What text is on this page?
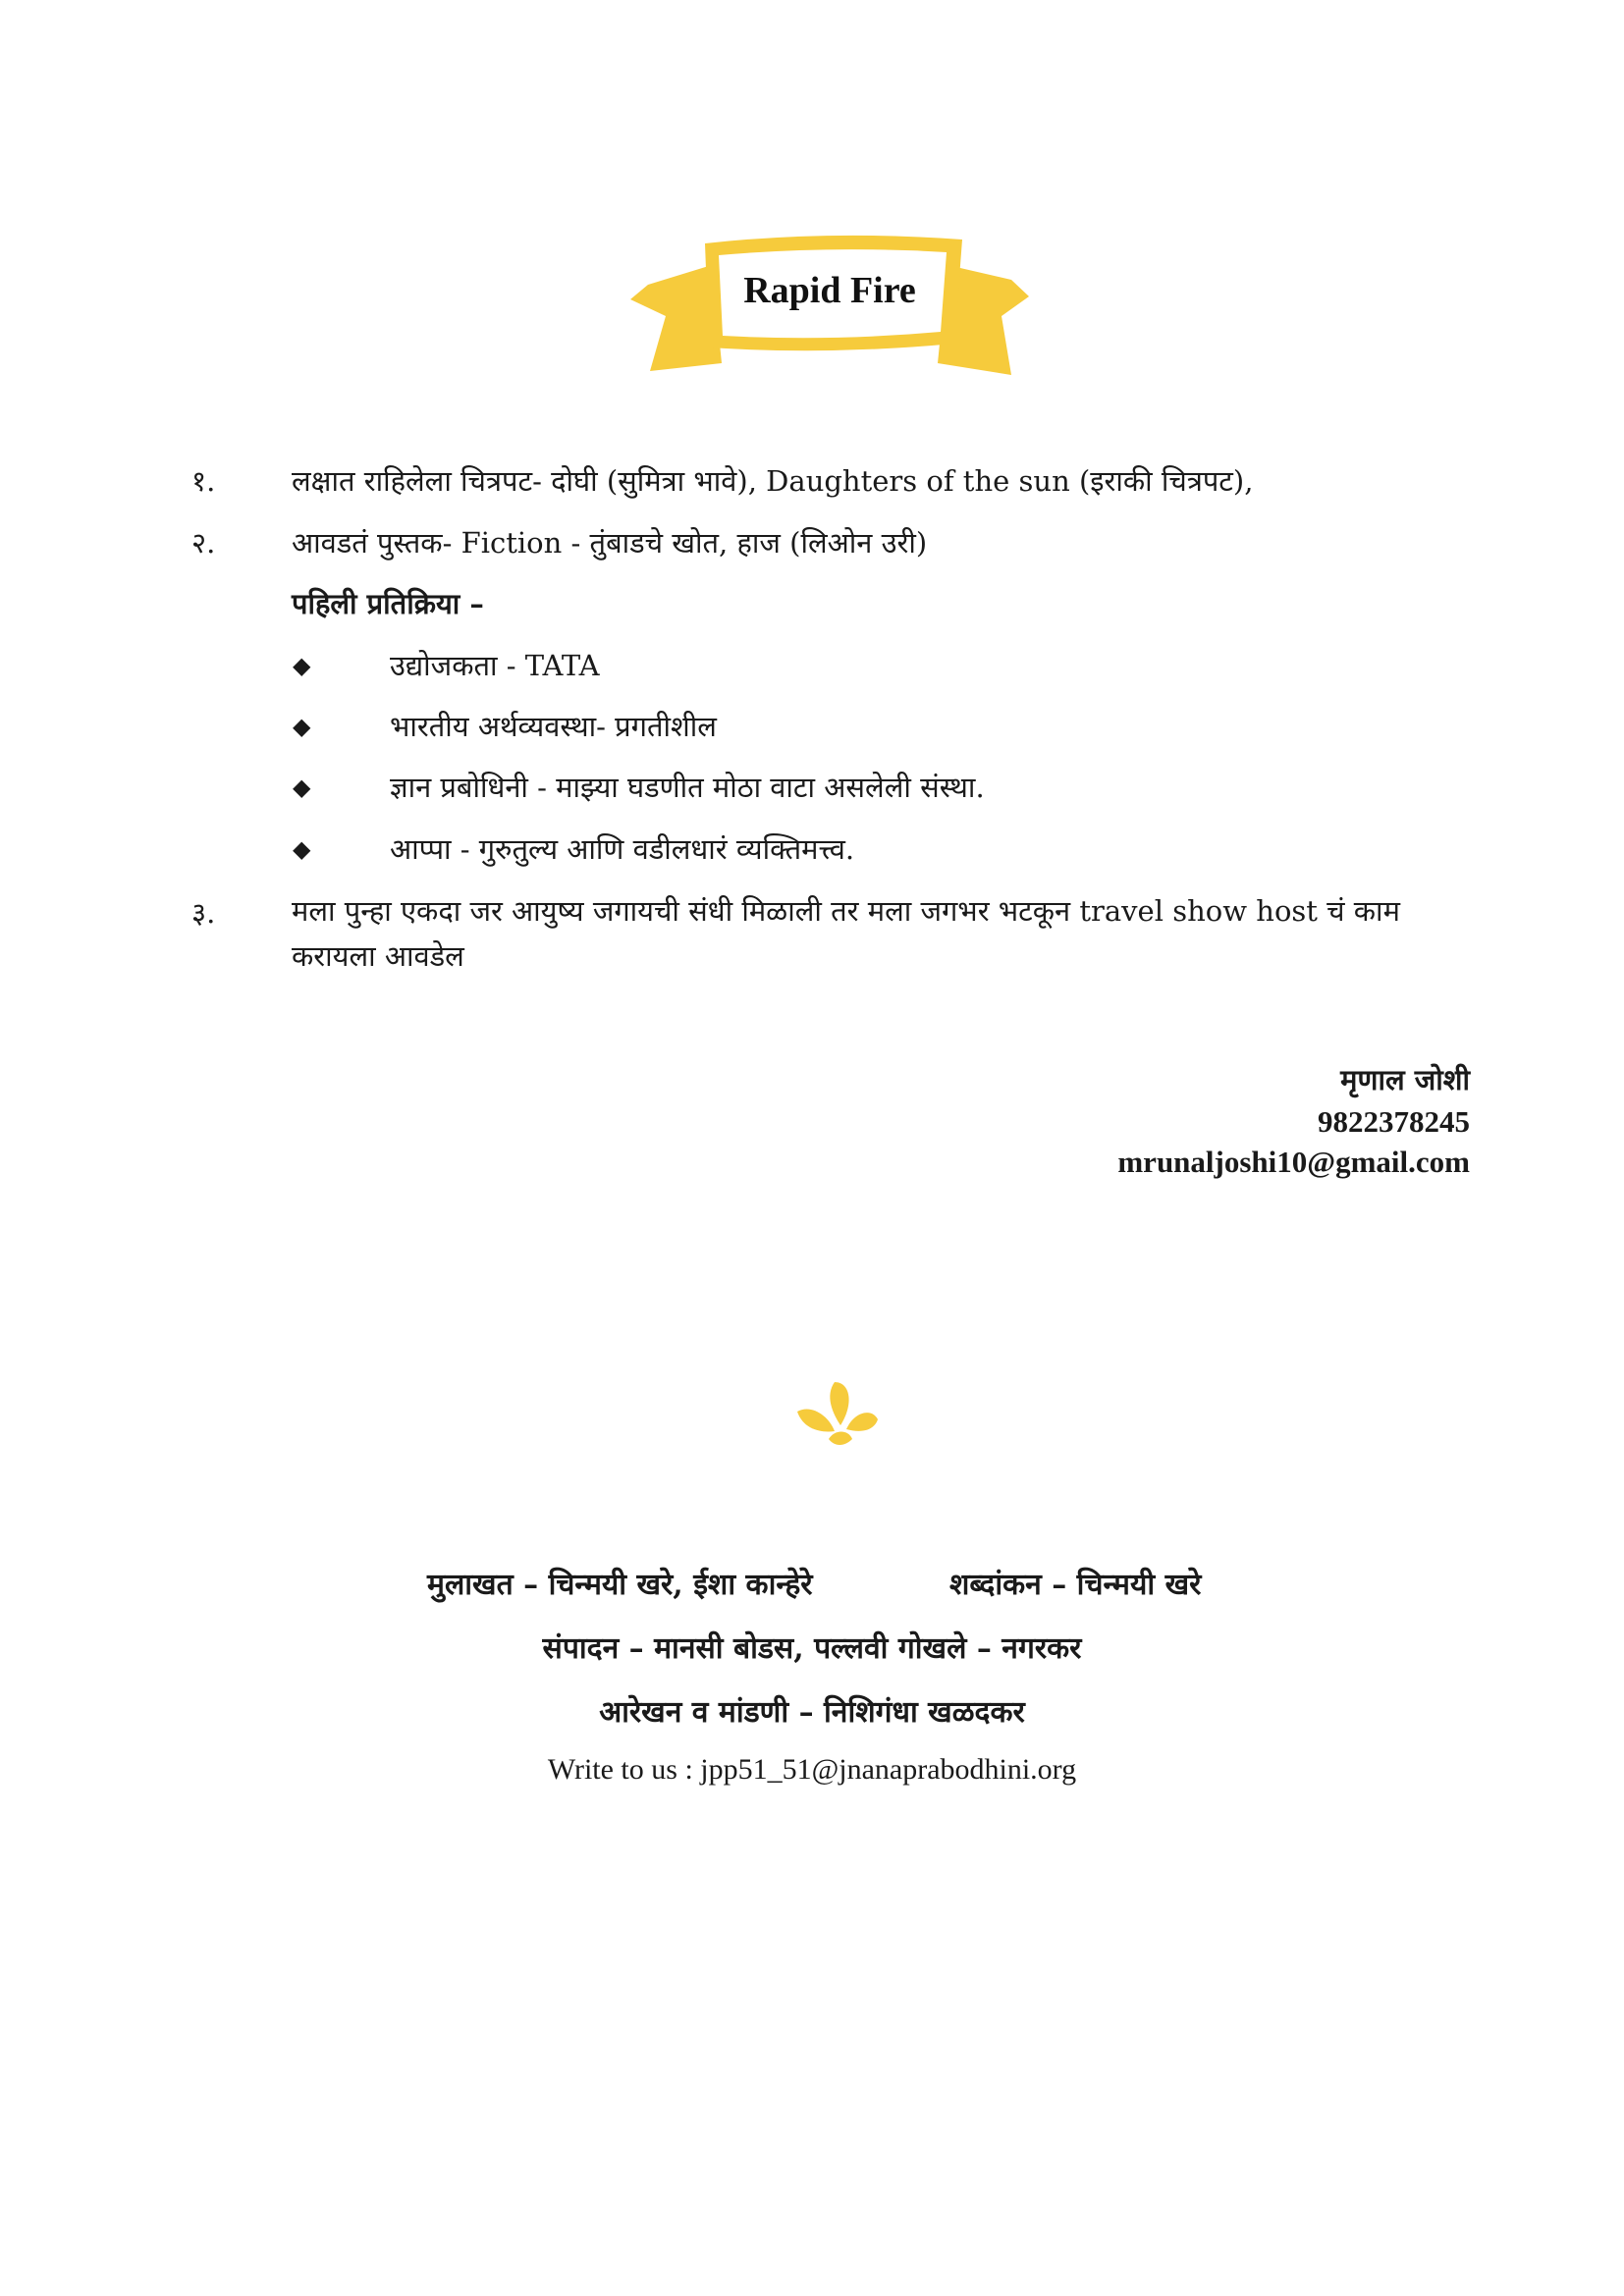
Rapid Fire
१.	लक्षात राहिलेला चित्रपट- दोघी (सुमित्रा भावे), Daughters of the sun (इराकी चित्रपट),
२.	आवडतं पुस्तक- Fiction - तुंबाडचे खोत, हाज (लिओन उरी)
पहिली प्रतिक्रिया –
◆	उद्योजकता - TATA
◆	भारतीय अर्थव्यवस्था- प्रगतीशील
◆	ज्ञान प्रबोधिनी - माझ्या घडणीत मोठा वाटा असलेली संस्था.
◆	आप्पा - गुरुतुल्य आणि वडीलधारं व्यक्तिमत्त्व.
३.	मला पुन्हा एकदा जर आयुष्य जगायची संधी मिळाली तर मला जगभर भटकून travel show host चं काम करायला आवडेल
मृणाल जोशी
9822378245
mrunaljoshi10@gmail.com
मुलाखत – चिन्मयी खरे, ईशा कान्हेरे	शब्दांकन – चिन्मयी खरे
संपादन – मानसी बोडस, पल्लवी गोखले – नगरकर
आरेखन व मांडणी – निशिगंधा खळदकर
Write to us : jpp51_51@jnanaprabodhini.org
